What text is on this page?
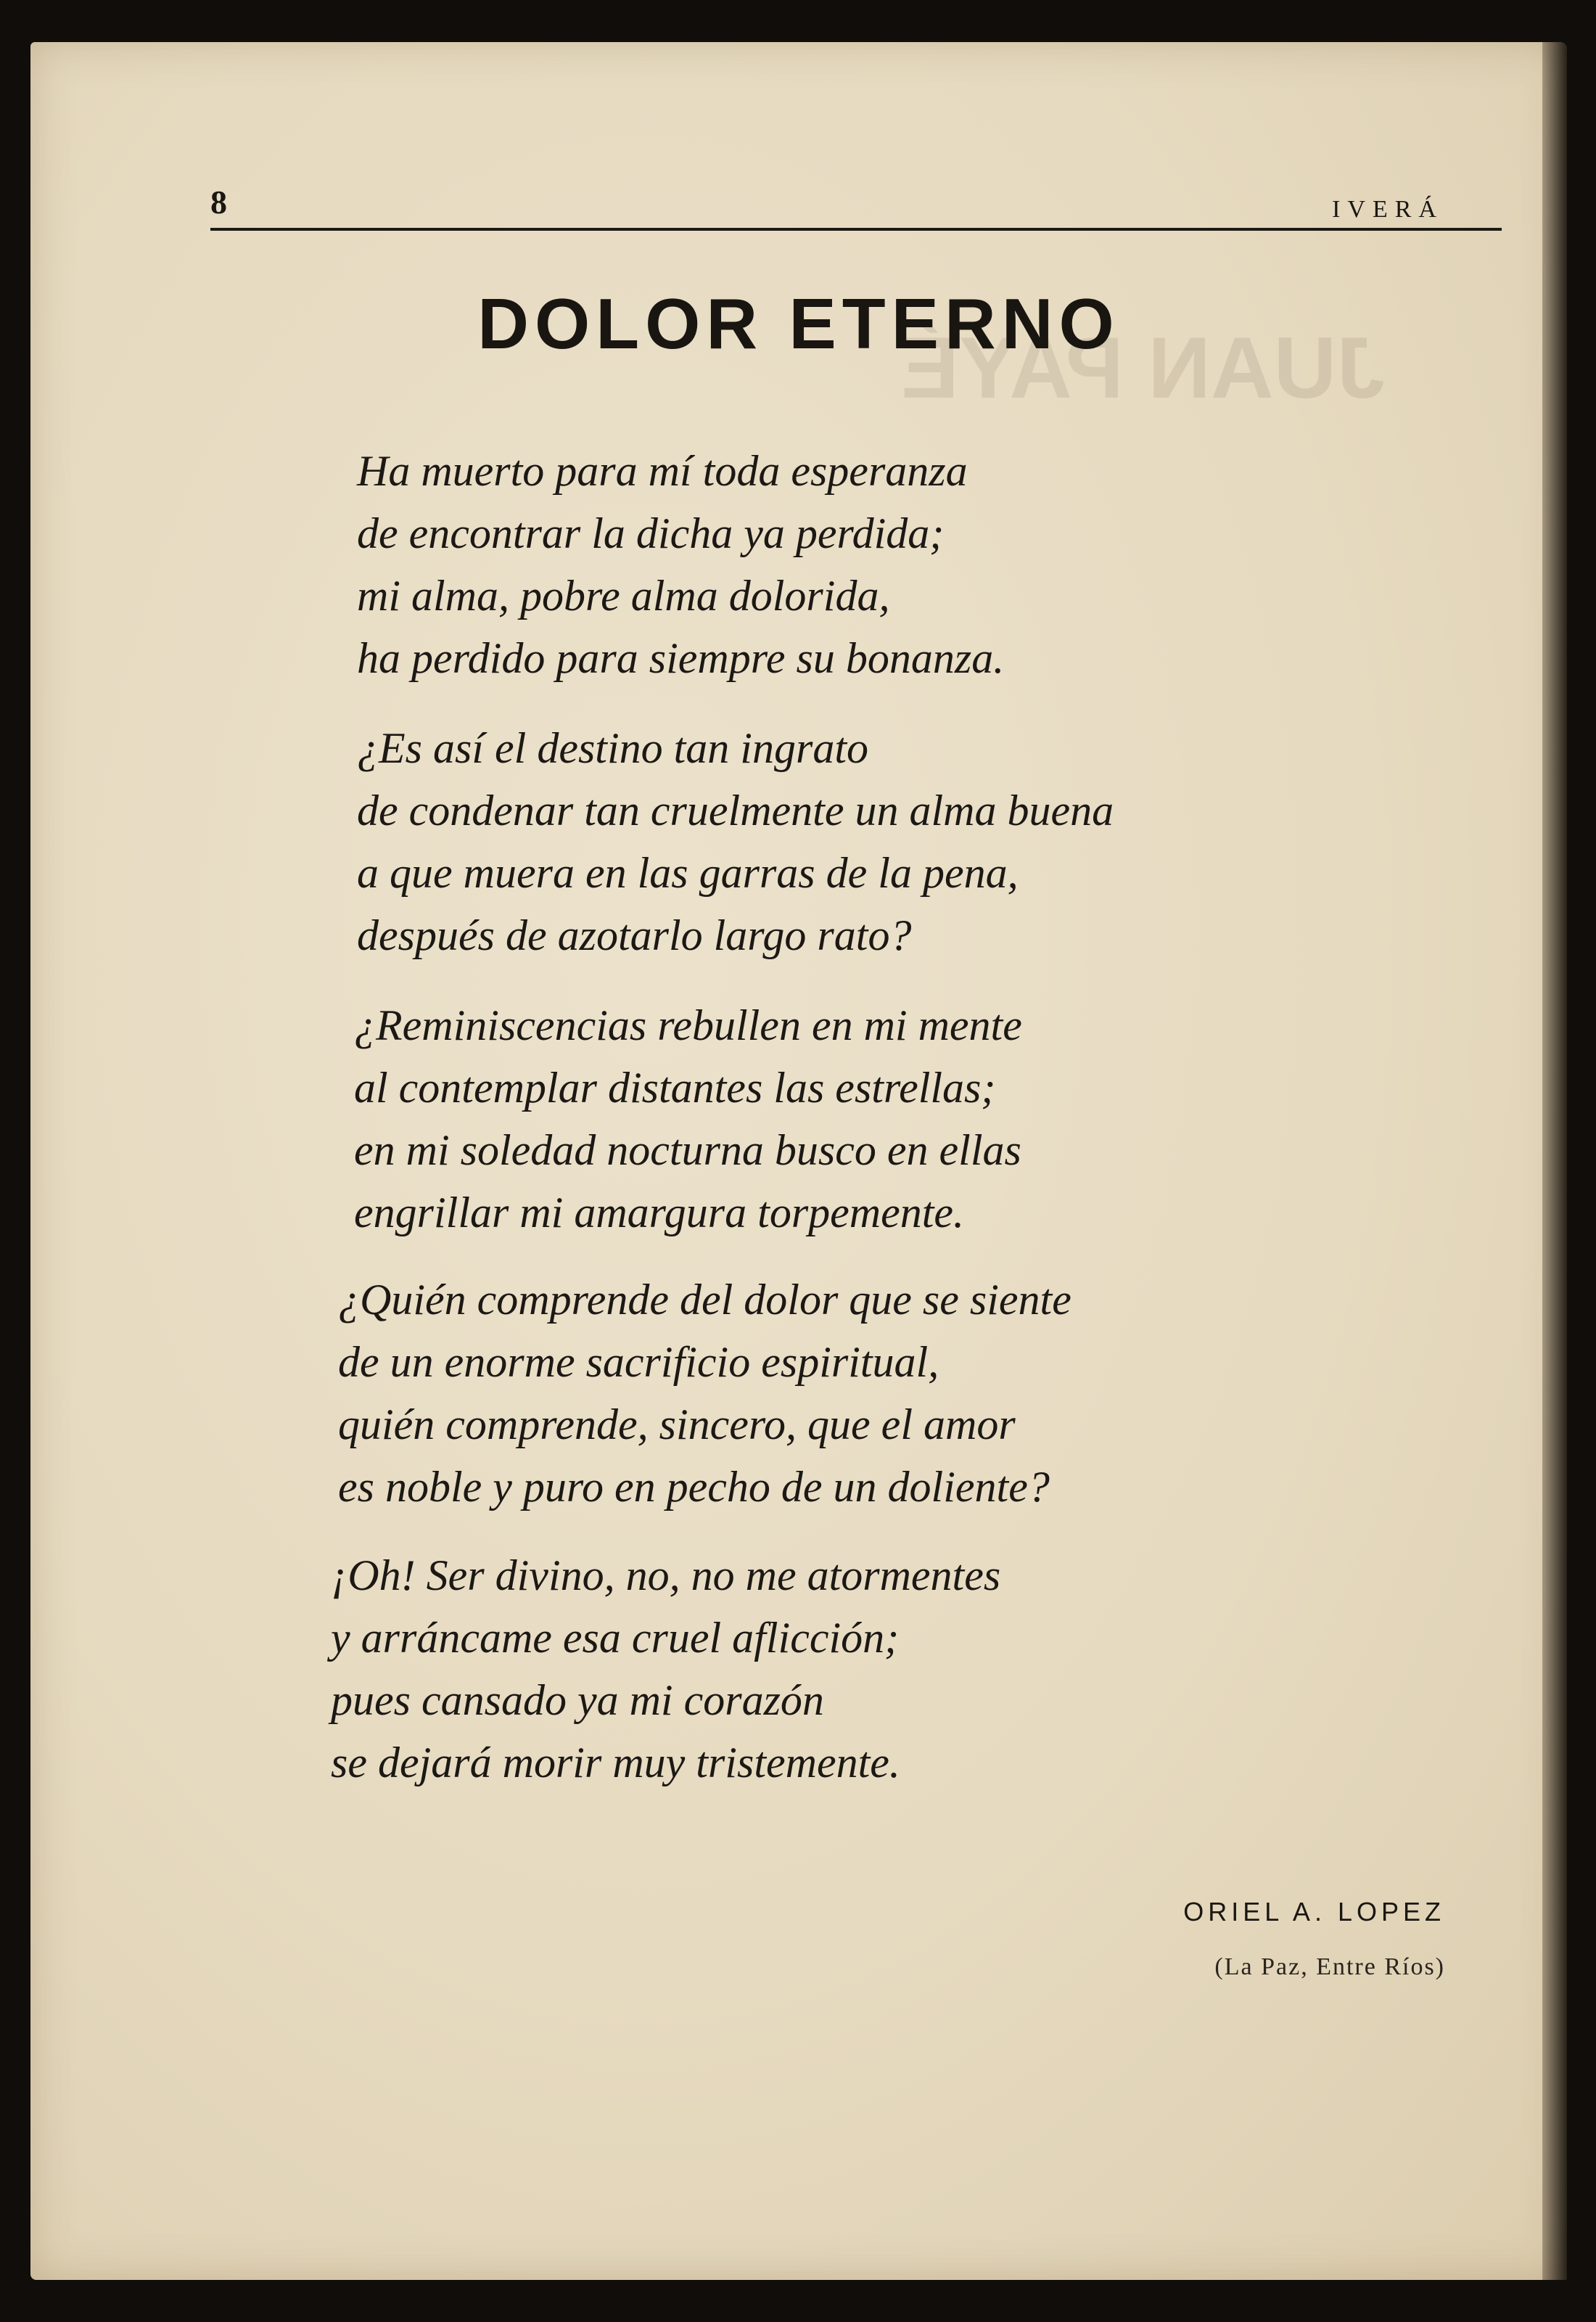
JUAN PAYÉ
8	IVERÁ
DOLOR ETERNO
Ha muerto para mí toda esperanza
de encontrar la dicha ya perdida;
mi alma, pobre alma dolorida,
ha perdido para siempre su bonanza.
¿Es así el destino tan ingrato
de condenar tan cruelmente un alma buena
a que muera en las garras de la pena,
después de azotarlo largo rato?
¿Reminiscencias rebullen en mi mente
al contemplar distantes las estrellas;
en mi soledad nocturna busco en ellas
engrillar mi amargura torpemente.
¿Quién comprende del dolor que se siente
de un enorme sacrificio espiritual,
quién comprende, sincero, que el amor
es noble y puro en pecho de un doliente?
¡Oh! Ser divino, no, no me atormentes
y arráncame esa cruel aflicción;
pues cansado ya mi corazón
se dejará morir muy tristemente.
ORIEL A. LOPEZ
(La Paz, Entre Ríos)
